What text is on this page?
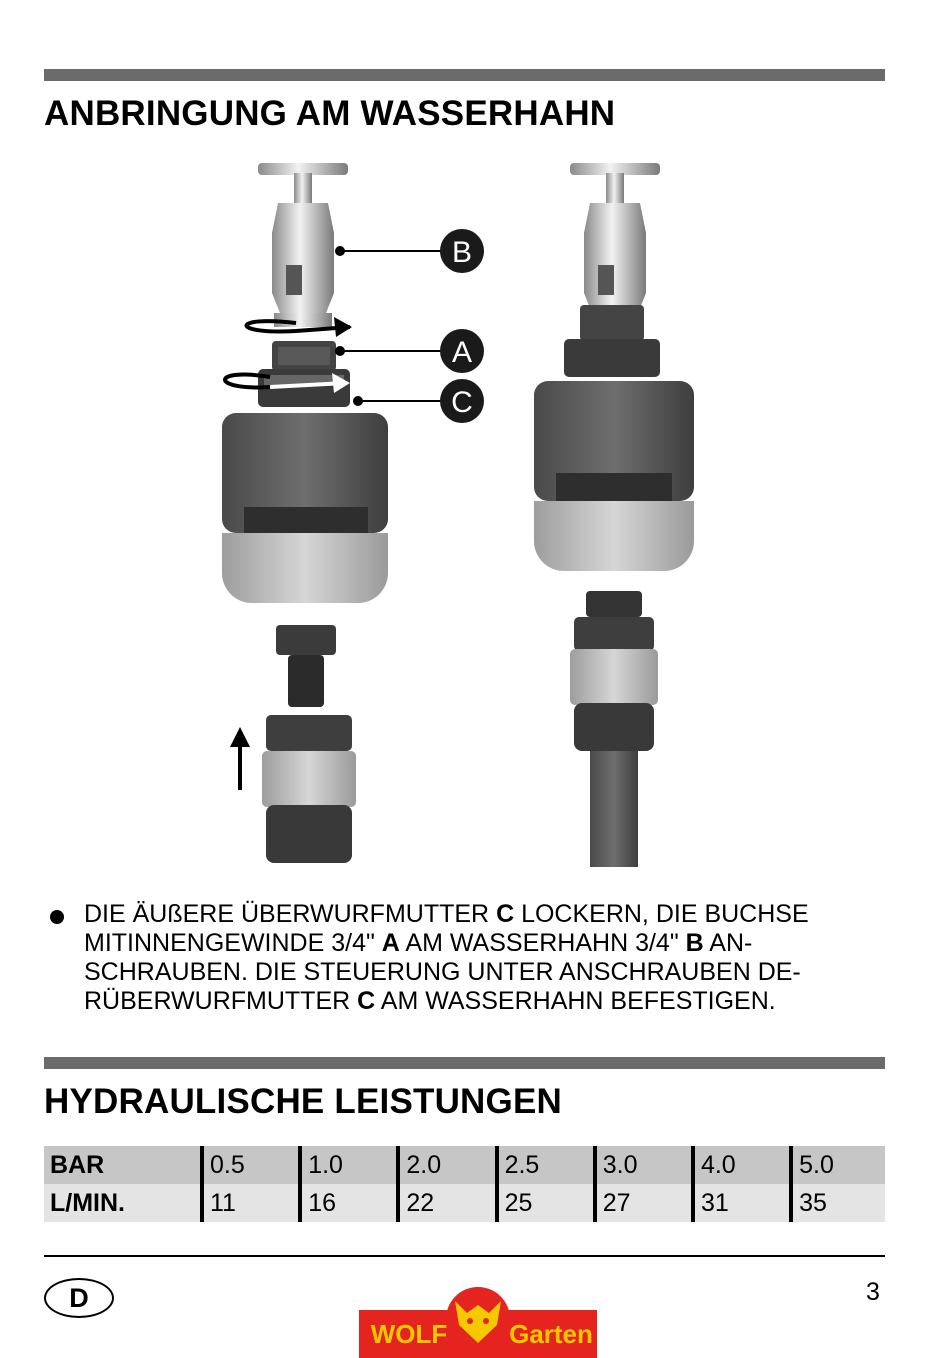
ANBRINGUNG AM WASSERHAHN
B
A
C
DIE ÄUßERE ÜBERWURFMUTTER C LOCKERN, DIE BUCHSE
MITINNENGEWINDE 3/4" A AM WASSERHAHN 3/4" B AN-
SCHRAUBEN. DIE STEUERUNG UNTER ANSCHRAUBEN DE-
RÜBERWURFMUTTER C AM WASSERHAHN BEFESTIGEN.
HYDRAULISCHE LEISTUNGEN
BAR	0.5	1.0	2.0	2.5	3.0	4.0	5.0
L/MIN.	11	16	22	25	27	31	35
D	3
WOLF Garten
